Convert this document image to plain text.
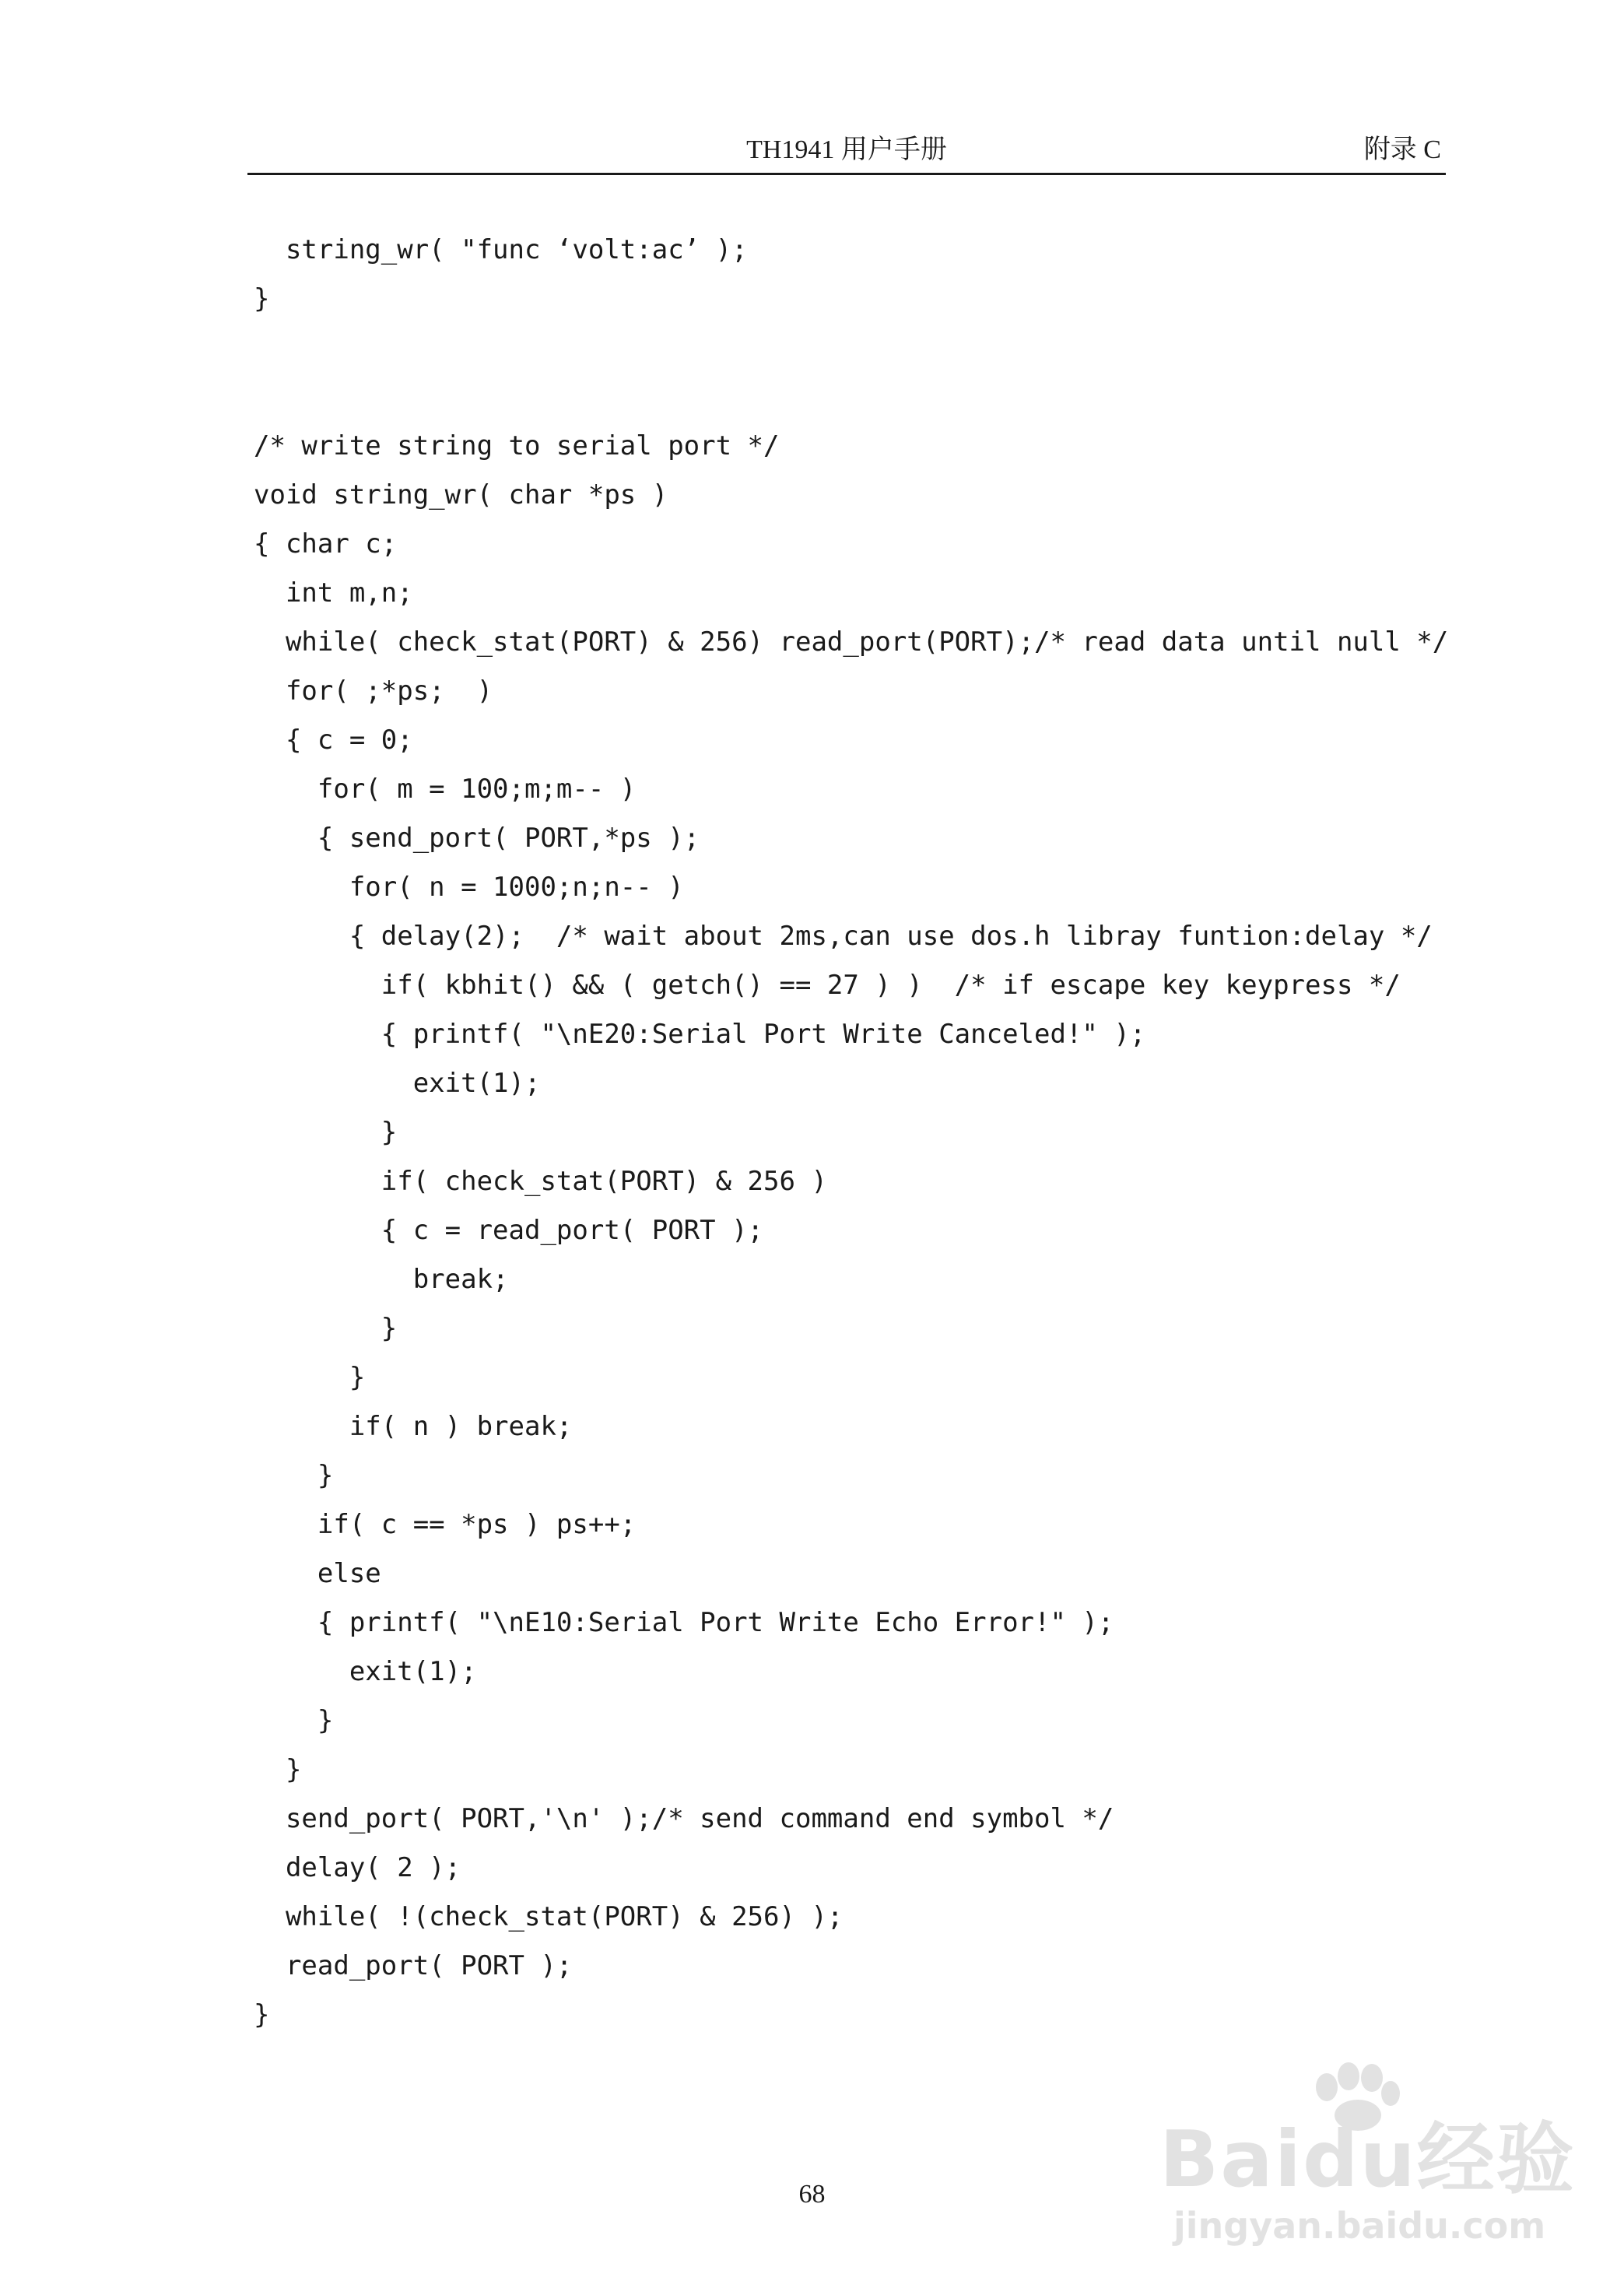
TH1941 用户手册	附录 C
string_wr( "func ‘volt:ac’ );
}
/* write string to serial port */
void string_wr( char *ps )
{ char c;
int m,n;
while( check_stat(PORT) & 256) read_port(PORT);/* read data until null */
for( ;*ps;  )
{ c = 0;
for( m = 100;m;m-- )
{ send_port( PORT,*ps );
for( n = 1000;n;n-- )
{ delay(2);  /* wait about 2ms,can use dos.h libray funtion:delay */
if( kbhit() && ( getch() == 27 ) )  /* if escape key keypress */
{ printf( "\nE20:Serial Port Write Canceled!" );
exit(1);
}
if( check_stat(PORT) & 256 )
{ c = read_port( PORT );
break;
}
}
if( n ) break;
}
if( c == *ps ) ps++;
else
{ printf( "\nE10:Serial Port Write Echo Error!" );
exit(1);
}
}
send_port( PORT,'\n' );/* send command end symbol */
delay( 2 );
while( !(check_stat(PORT) & 256) );
read_port( PORT );
}
68	Baidu经验
jingyan.baidu.com
